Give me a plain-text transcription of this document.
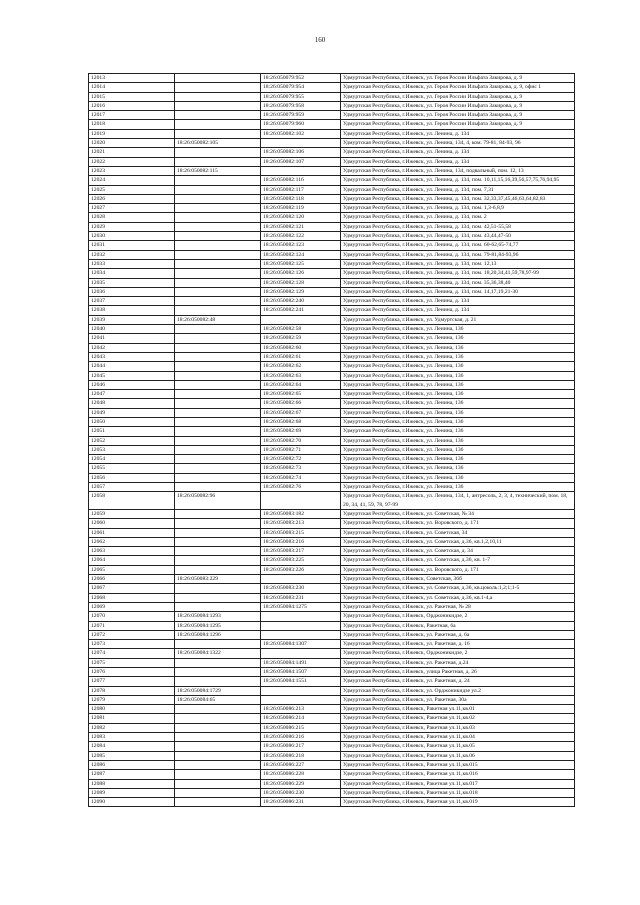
160
12013		18:26:050079:952	Удмуртская Республика, г.Ижевск, ул. Героя России Ильфата Закирова, д. 9
12014		18:26:050079:954	Удмуртская Республика, г.Ижевск, ул. Героя России Ильфата Закирова, д. 9, офис 1
12015		18:26:050079:955	Удмуртская Республика, г.Ижевск, ул. Героя России Ильфата Закирова, д. 9
12016		18:26:050079:958	Удмуртская Республика, г.Ижевск, ул. Героя России Ильфата Закирова, д. 9
12017		18:26:050079:959	Удмуртская Республика, г.Ижевск, ул. Героя России Ильфата Закирова, д. 9
12018		18:26:050079:960	Удмуртская Республика, г.Ижевск, ул. Героя России Ильфата Закирова, д. 9
12019		18:26:050082:102	Удмуртская Республика, г.Ижевск, ул. Ленина, д. 134
12020	18:26:050082:105		Удмуртская Республика, г.Ижевск, ул. Ленина, 134, 4, ком. 79-81, 84-93, 96
12021		18:26:050082:106	Удмуртская Республика, г.Ижевск, ул. Ленина, д. 134
12022		18:26:050082:107	Удмуртская Республика, г.Ижевск, ул. Ленина, д. 134
12023	18:26:050082:115		Удмуртская Республика, г.Ижевск, ул. Ленина, 134, подвальный, пом. 12, 13
12024		18:26:050082:116	Удмуртская Республика, г.Ижевск, ул. Ленина, д. 134, пом. 10,11,15,16,39,56,57,75,76,94,95
12025		18:26:050082:117	Удмуртская Республика, г.Ижевск, ул. Ленина, д. 134, пом. 7,31
12026		18:26:050082:118	Удмуртская Республика, г.Ижевск, ул. Ленина, д. 134, пом. 32,33,37,45,46,63,64,82,83
12027		18:26:050082:119	Удмуртская Республика, г.Ижевск, ул. Ленина, д. 134, пом. 1,3-6,8,9
12028		18:26:050082:120	Удмуртская Республика, г.Ижевск, ул. Ленина, д. 134, пом. 2
12029		18:26:050082:121	Удмуртская Республика, г.Ижевск, ул. Ленина, д. 134, пом. 42,51-55,58
12030		18:26:050082:122	Удмуртская Республика, г.Ижевск, ул. Ленина, д. 134, пом. 43,44,47-50
12031		18:26:050082:123	Удмуртская Республика, г.Ижевск, ул. Ленина, д. 134, пом. 60-62,65-74,77
12032		18:26:050082:124	Удмуртская Республика, г.Ижевск, ул. Ленина, д. 134, пом. 79-81,84-93,96
12033		18:26:050082:125	Удмуртская Республика, г.Ижевск, ул. Ленина, д. 134, пом. 12,13
12034		18:26:050082:126	Удмуртская Республика, г.Ижевск, ул. Ленина, д. 134, пом. 18,20,34,41,59,78,97-99
12035		18:26:050082:128	Удмуртская Республика, г.Ижевск, ул. Ленина, д. 134, пом. 35,36,38,40
12036		18:26:050082:129	Удмуртская Республика, г.Ижевск, ул. Ленина, д. 134, пом. 14,17,19,21-30
12037		18:26:050082:240	Удмуртская Республика, г.Ижевск, ул. Ленина, д. 134
12038		18:26:050082:241	Удмуртская Республика, г.Ижевск, ул. Ленина, д. 134
12039	18:26:050082:48		Удмуртская Республика, г.Ижевск, ул. Удмуртская, д. 21
12040		18:26:050082:58	Удмуртская Республика, г.Ижевск, ул. Ленина, 136
12041		18:26:050082:59	Удмуртская Республика, г.Ижевск, ул. Ленина, 136
12042		18:26:050082:60	Удмуртская Республика, г.Ижевск, ул. Ленина, 136
12043		18:26:050082:61	Удмуртская Республика, г.Ижевск, ул. Ленина, 136
12044		18:26:050082:62	Удмуртская Республика, г.Ижевск, ул. Ленина, 136
12045		18:26:050082:63	Удмуртская Республика, г.Ижевск, ул. Ленина, 136
12046		18:26:050082:64	Удмуртская Республика, г.Ижевск, ул. Ленина, 136
12047		18:26:050082:65	Удмуртская Республика, г.Ижевск, ул. Ленина, 136
12048		18:26:050082:66	Удмуртская Республика, г.Ижевск, ул. Ленина, 136
12049		18:26:050082:67	Удмуртская Республика, г.Ижевск, ул. Ленина, 136
12050		18:26:050082:68	Удмуртская Республика, г.Ижевск, ул. Ленина, 136
12051		18:26:050082:69	Удмуртская Республика, г.Ижевск, ул. Ленина, 136
12052		18:26:050082:70	Удмуртская Республика, г.Ижевск, ул. Ленина, 136
12053		18:26:050082:71	Удмуртская Республика, г.Ижевск, ул. Ленина, 136
12054		18:26:050082:72	Удмуртская Республика, г.Ижевск, ул. Ленина, 136
12055		18:26:050082:73	Удмуртская Республика, г.Ижевск, ул. Ленина, 136
12056		18:26:050082:74	Удмуртская Республика, г.Ижевск, ул. Ленина, 136
12057		18:26:050082:76	Удмуртская Республика, г.Ижевск, ул. Ленина, 136
12058	18:26:050082:96		Удмуртская Республика, г.Ижевск, ул. Ленина, 134, 1, антресоль, 2, 3, 4, технический, пом. 18, 20, 34, 41, 59, 78, 97-99
12059		18:26:050083:182	Удмуртская Республика, г.Ижевск, ул. Советская, № 34
12060		18:26:050083:213	Удмуртская Республика, г.Ижевск, ул. Воровского, д. 171
12061		18:26:050083:215	Удмуртская Республика, г.Ижевск, ул. Советская, 34
12062		18:26:050083:216	Удмуртская Республика, г.Ижевск, ул. Советская, д.36, кв.1,2,10,11
12063		18:26:050083:217	Удмуртская Республика, г.Ижевск, ул. Советская, д. 34
12064		18:26:050083:225	Удмуртская Республика, г.Ижевск, ул. Советская, д.36, кв. 1-7
12065		18:26:050083:226	Удмуртская Республика, г.Ижевск, ул. Воровского, д. 171
12066	18:26:050083:229		Удмуртская Республика, г.Ижевск, Советская, 36б
12067		18:26:050083:230	Удмуртская Республика, г.Ижевск, ул. Советская, д.36, кв.цоколь:1,2;1;1-5
12068		18:26:050083:231	Удмуртская Республика, г.Ижевск, ул. Советская, д.36, кв.1-4,а
12069		18:26:050084:1275	Удмуртская Республика, г.Ижевск, ул. Ракетная, № 28
12070	18:26:050084:1293		Удмуртская Республика, г.Ижевск, Орджоникидзе, 2
12071	18:26:050084:1295		Удмуртская Республика, г.Ижевск, Ракетная, 6а
12072	18:26:050084:1296		Удмуртская Республика, г.Ижевск, ул. Ракетная, д. 6а
12073		18:26:050084:1307	Удмуртская Республика, г.Ижевск, ул. Ракетная, д. 16
12074	18:26:050084:1322		Удмуртская Республика, г.Ижевск, Орджоникидзе, 2
12075		18:26:050084:1491	Удмуртская Республика, г.Ижевск, ул. Ракетная, д.24
12076		18:26:050084:1507	Удмуртская Республика, г.Ижевск, улица Ракетная, д. 26
12077		18:26:050084:1551	Удмуртская Республика, г.Ижевск, ул. Ракетная, д. 24
12078	18:26:050084:1729		Удмуртская Республика, г.Ижевск, ул. Орджоникидзе ул.2
12079	18:26:050084:65		Удмуртская Республика, г.Ижевск, ул. Ракетная, 30а
12080		18:26:050086:213	Удмуртская Республика, г.Ижевск, Ракетная ул.11,кв.01
12081		18:26:050086:214	Удмуртская Республика, г.Ижевск, Ракетная ул.11,кв.02
12082		18:26:050086:215	Удмуртская Республика, г.Ижевск, Ракетная ул.11,кв.03
12083		18:26:050086:216	Удмуртская Республика, г.Ижевск, Ракетная ул.11,кв.04
12084		18:26:050086:217	Удмуртская Республика, г.Ижевск, Ракетная ул.11,кв.05
12085		18:26:050086:218	Удмуртская Республика, г.Ижевск, Ракетная ул.11,кв.06
12086		18:26:050086:227	Удмуртская Республика, г.Ижевск, Ракетная ул.11,кв.015
12087		18:26:050086:228	Удмуртская Республика, г.Ижевск, Ракетная ул.11,кв.016
12088		18:26:050086:229	Удмуртская Республика, г.Ижевск, Ракетная ул.11,кв.017
12089		18:26:050086:230	Удмуртская Республика, г.Ижевск, Ракетная ул.11,кв.018
12090		18:26:050086:231	Удмуртская Республика, г.Ижевск, Ракетная ул.11,кв.019
